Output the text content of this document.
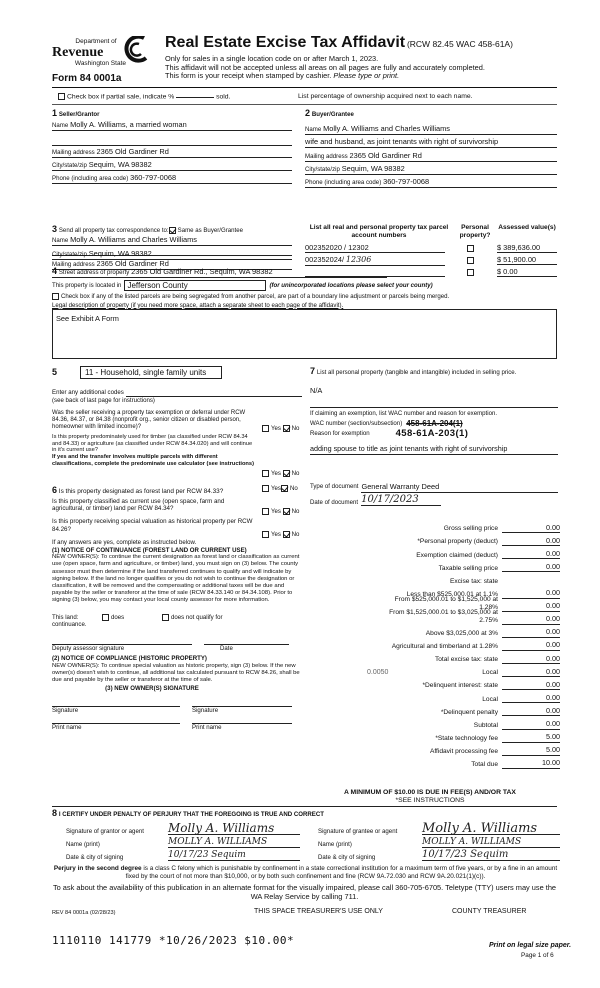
Department of
Revenue
Washington State
Form 84 0001a
Real Estate Excise Tax Affidavit (RCW 82.45 WAC 458-61A)
Only for sales in a single location code on or after March 1, 2023.
This affidavit will not be accepted unless all areas on all pages are fully and accurately completed.
This form is your receipt when stamped by cashier. Please type or print.
Check box if partial sale, indicate %	sold.	List percentage of ownership acquired next to each name.
1 Seller/Grantor
Name Molly A. Williams, a married woman
Mailing address 2365 Old Gardiner Rd
City/state/zip Sequim, WA 98382
Phone (including area code) 360-797-0068
2 Buyer/Grantee
Name Molly A. Williams and Charles Williams
wife and husband, as joint tenants with right of survivorship
Mailing address 2365 Old Gardiner Rd
City/state/zip Sequim, WA 98382
Phone (including area code) 360-797-0068
3 Send all property tax correspondence to: Same as Buyer/Grantee
Name Molly A. Williams and Charles Williams
Mailing address 2365 Old Gardiner Rd
City/state/zip Sequim, WA 98382
List all real and personal property tax parcel account numbers
Personal property?
Assessed value(s)
002352020 / 12302	$ 389,636.00
002352024/ 12306	$ 51,900.00
$ 0.00
4 Street address of property 2365 Old Gardiner Rd., Sequim, WA 98382
This property is located in Jefferson County	(for unincorporated locations please select your county)
Check box if any of the listed parcels are being segregated from another parcel, are part of a boundary line adjustment or parcels being merged.
Legal description of property (if you need more space, attach a separate sheet to each page of the affidavit).
See Exhibit A Form
5	11 - Household, single family units
Enter any additional codes
(see back of last page for instructions)
Was the seller receiving a property tax exemption or deferral under RCW 84.36, 84.37, or 84.38 (nonprofit org., senior citizen or disabled person, homeowner with limited income)?	Yes No
Is this property predominately used for timber (as classified under RCW 84.34 and 84.33) or agriculture (as classified under RCW 84.34.020) and will continue in it's current use?
If yes and the transfer involves multiple parcels with different classifications, complete the predominate use calculator (see instructions)
Yes No
7 List all personal property (tangible and intangible) included in selling price.
N/A
If claiming an exemption, list WAC number and reason for exemption.
WAC number (section/subsection) 458-61A-204(1)
Reason for exemption	458-61A-203(1)
adding spouse to title as joint tenants with right of survivorship
Type of document General Warranty Deed
Date of document 10/17/2023
6 Is this property designated as forest land per RCW 84.33?
Is this property classified as current use (open space, farm and agricultural, or timber) land per RCW 84.34?
Is this property receiving special valuation as historical property per RCW 84.26?
If any answers are yes, complete as instructed below.
(1) NOTICE OF CONTINUANCE (FOREST LAND OR CURRENT USE)
NEW OWNER(S): To continue the current designation as forest land or classification as current use (open space, farm and agriculture, or timber) land, you must sign on (3) below. The county assessor must then determine if the land transferred continues to qualify and will indicate by signing below. If the land no longer qualifies or you do not wish to continue the designation or classification, it will be removed and the compensating or additional taxes will be due and payable by the seller or transferor at the time of sale (RCW 84.33.140 or 84.34.108). Prior to signing (3) below, you may contact your local county assessor for more information.
This land:	does	does not qualify for
continuance.
Deputy assessor signature	Date
(2) NOTICE OF COMPLIANCE (HISTORIC PROPERTY)
NEW OWNER(S): To continue special valuation as historic property, sign (3) below. If the new owner(s) doesn't wish to continue, all additional tax calculated pursuant to RCW 84.26, shall be due and payable by the seller or transferor at the time of sale.
(3) NEW OWNER(S) SIGNATURE
Signature	Signature
Print name	Print name
Yes No
Yes No
Yes No
Gross selling price	0.00
*Personal property (deduct)	0.00
Exemption claimed (deduct)	0.00
Taxable selling price	0.00
Excise tax: state
Less than $525,000.01 at 1.1%	0.00
From $525,000.01 to $1,525,000 at 1.28%	0.00
From $1,525,000.01 to $3,025,000 at 2.75%	0.00
Above $3,025,000 at 3%	0.00
Agricultural and timberland at 1.28%	0.00
Total excise tax: state	0.00
0.0050	Local	0.00
*Delinquent interest: state	0.00
Local	0.00
*Delinquent penalty	0.00
Subtotal	0.00
*State technology fee	5.00
Affidavit processing fee	5.00
Total due	10.00
A MINIMUM OF $10.00 IS DUE IN FEE(S) AND/OR TAX
*SEE INSTRUCTIONS
8 I CERTIFY UNDER PENALTY OF PERJURY THAT THE FOREGOING IS TRUE AND CORRECT
Signature of grantor or agent	Molly A. Williams
Name (print)	MOLLY A. WILLIAMS
Date & city of signing	10/17/23 Sequim
Signature of grantee or agent	Molly A. Williams
Name (print)	MOLLY A. WILLIAMS
Date & city of signing	10/17/23 Sequim
Perjury in the second degree is a class C felony which is punishable by confinement in a state correctional institution for a maximum term of five years, or by a fine in an amount fixed by the court of not more than $10,000, or by both such confinement and fine (RCW 9A.72.030 and RCW 9A.20.021(1)(c)).
To ask about the availability of this publication in an alternate format for the visually impaired, please call 360-705-6705. Teletype (TTY) users may use the WA Relay Service by calling 711.
REV 84 0001a (02/28/23)	THIS SPACE TREASURER'S USE ONLY	COUNTY TREASURER
1110110 141779 *10/26/2023 $10.00*	Print on legal size paper.
Page 1 of 6
